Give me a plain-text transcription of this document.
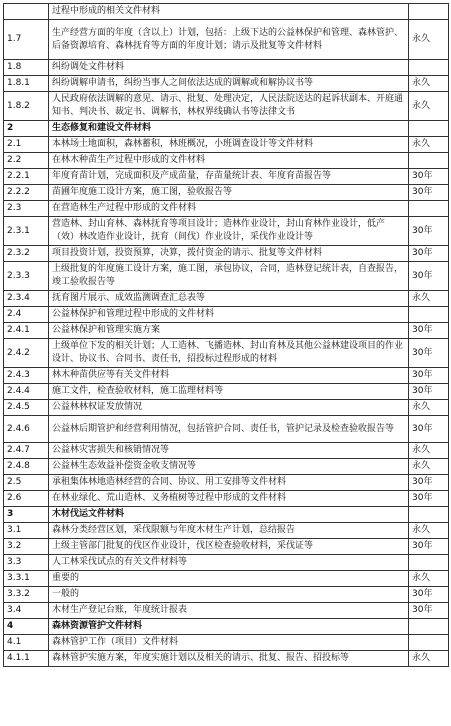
	过程中形成的相关文件材料	
1.7	生产经营方面的年度（含以上）计划，包括：上级下达的公益林保护和管理、森林管护、后备资源培育、森林抚育等方面的年度计划；请示及批复等文件材料	永久
1.8	纠纷调处文件材料	
1.8.1	纠纷调解申请书，纠纷当事人之间依法达成的调解或和解协议书等	永久
1.8.2	人民政府依法调解的意见、请示、批复、处理决定，人民法院送达的起诉状副本、开庭通知书、判决书、裁定书、调解书，林权界线确认书等法律文书	永久
2	生态修复和建设文件材料	
2.1	本林场土地面积，森林蓄积，林班概况，小班调查设计等文件材料	永久
2.2	在林木种苗生产过程中形成的文件材料	
2.2.1	年度育苗计划，完成面积及产成苗量，存苗量统计表、年度育苗报告等	30年
2.2.2	苗圃年度施工设计方案，施工图，验收报告等	30年
2.3	在营造林生产过程中形成的文件材料	
2.3.1	营造林、封山育林、森林抚育等项目设计；造林作业设计，封山育林作业设计，低产（效）林改造作业设计，抚育（间伐）作业设计，采伐作业设计等	30年
2.3.2	项目投资计划，投资预算，决算，拨付资金的请示、批复等文件材料	30年
2.3.3	上级批复的年度施工设计方案，施工图，承包协议，合同，造林登记统计表，自查报告，竣工验收报告等	30年
2.3.4	抚育图片展示、成效监测调查汇总表等	永久
2.4	公益林保护和管理过程中形成的文件材料	
2.4.1	公益林保护和管理实施方案	30年
2.4.2	上级单位下发的相关计划；人工造林、飞播造林、封山育林及其他公益林建设项目的作业设计、协议书、合同书、责任书，招投标过程形成的材料	30年
2.4.3	林木种苗供应等有关文件材料	30年
2.4.4	施工文件，检查验收材料，施工监理材料等	30年
2.4.5	公益林林权证发放情况	永久
2.4.6	公益林后期管护和经营利用情况，包括管护合同、责任书，管护记录及检查验收报告等	30年
2.4.7	公益林灾害损失和核销情况等	永久
2.4.8	公益林生态效益补偿资金收支情况等	永久
2.5	承租集体林地造林经营的合同、协议、用工安排等文件材料	30年
2.6	在林业绿化、荒山造林、义务植树等过程中形成的文件材料	30年
3	木材伐运文件材料	
3.1	森林分类经营区划，采伐限额与年度木材生产计划，总结报告	永久
3.2	上级主管部门批复的伐区作业设计，伐区检查验收材料，采伐证等	30年
3.3	人工林采伐试点的有关文件材料等	
3.3.1	重要的	永久
3.3.2	一般的	30年
3.4	木材生产登记台账，年度统计报表	30年
4	森林资源管护文件材料	
4.1	森林管护工作（项目）文件材料	
4.1.1	森林管护实施方案，年度实施计划以及相关的请示、批复、报告、招投标等	永久
